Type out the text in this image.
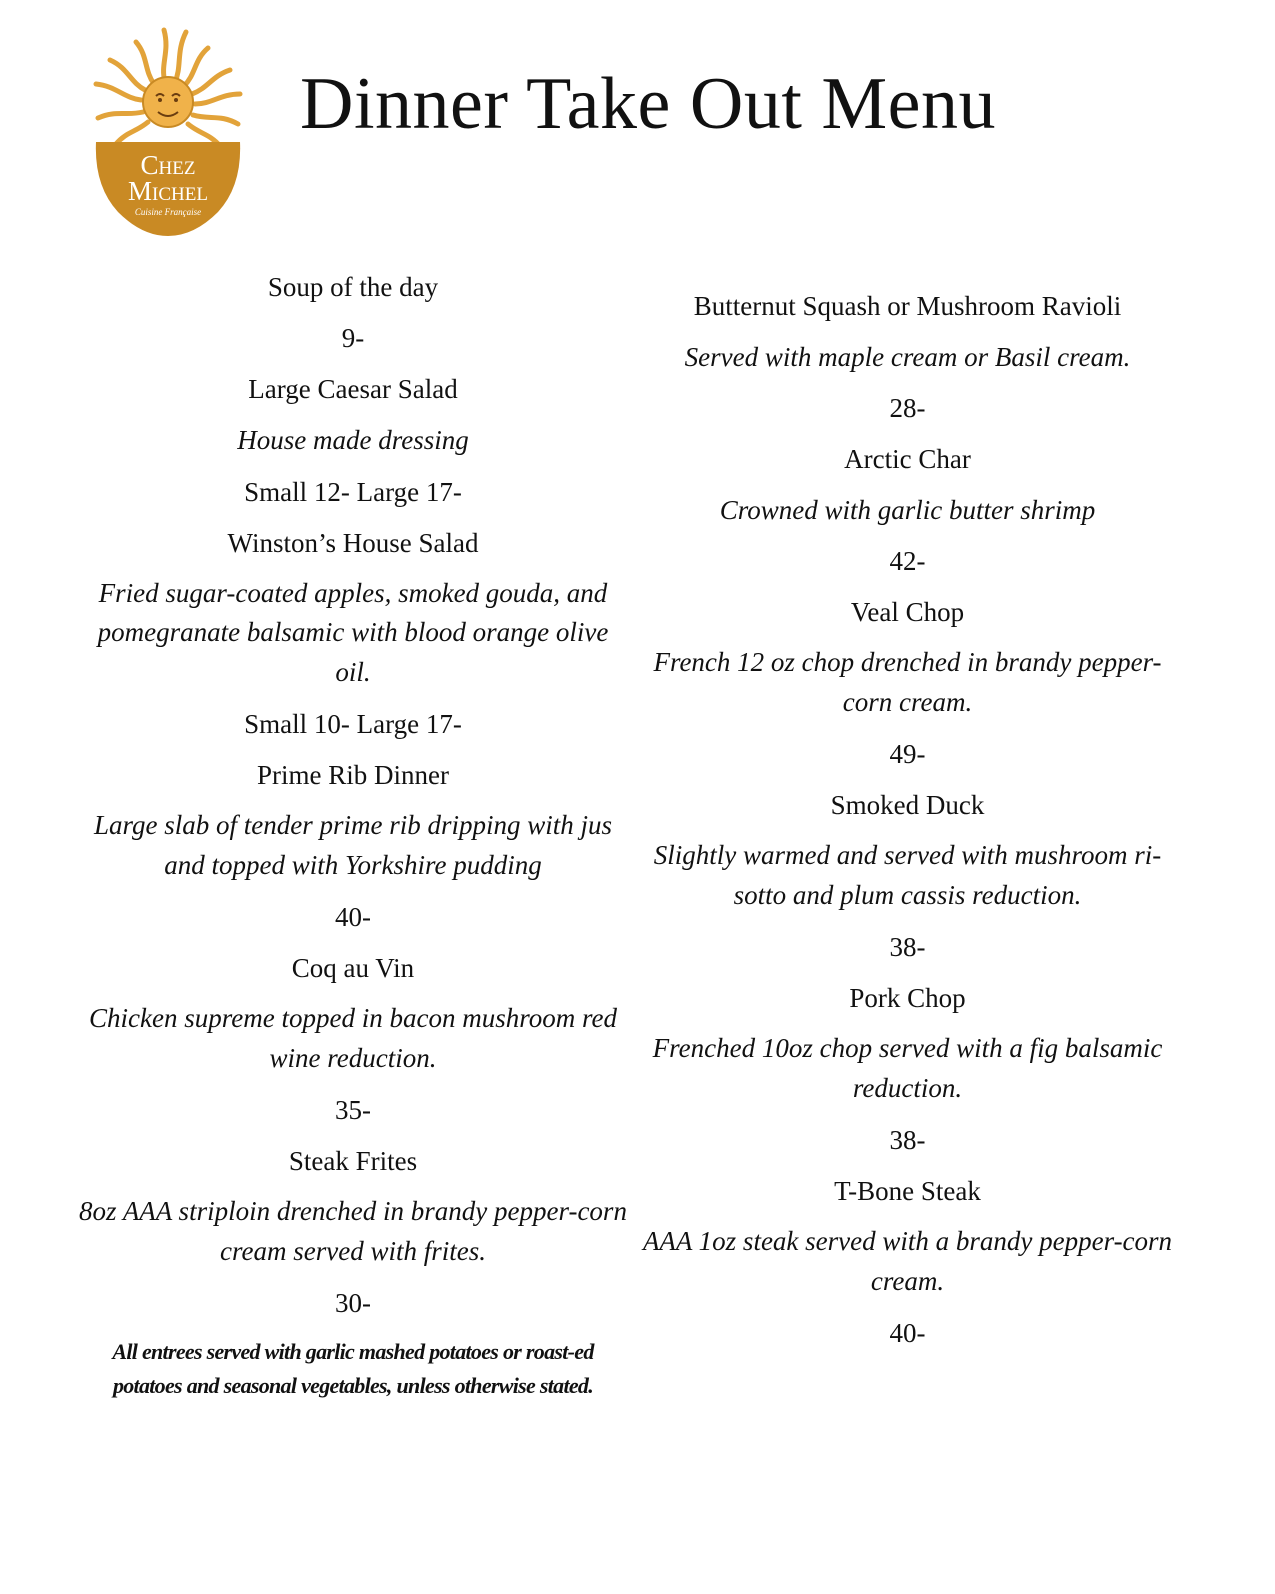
Chez
Michel
Cuisine Française
Dinner Take Out Menu
Soup of the day
9-
Large Caesar Salad
House made dressing
Small 12- Large 17-
Winston’s House Salad
Fried sugar-coated apples, smoked gouda, and pomegranate balsamic with blood orange olive oil.
Small 10- Large 17-
Prime Rib Dinner
Large slab of tender prime rib dripping with jus and topped with Yorkshire pudding
40-
Coq au Vin
Chicken supreme topped in bacon mushroom red wine reduction.
35-
Steak Frites
8oz AAA striploin drenched in brandy pepper-corn cream served with frites.
30-
All entrees served with garlic mashed potatoes or roast-ed potatoes and seasonal vegetables, unless otherwise stated.
Butternut Squash or Mushroom Ravioli
Served with maple cream or Basil cream.
28-
Arctic Char
Crowned with garlic butter shrimp
42-
Veal Chop
French 12 oz chop drenched in brandy pepper-corn cream.
49-
Smoked Duck
Slightly warmed and served with mushroom ri-sotto and plum cassis reduction.
38-
Pork Chop
Frenched 10oz chop served with a fig balsamic reduction.
38-
T-Bone Steak
AAA 1oz steak served with a brandy pepper-corn cream.
40-
